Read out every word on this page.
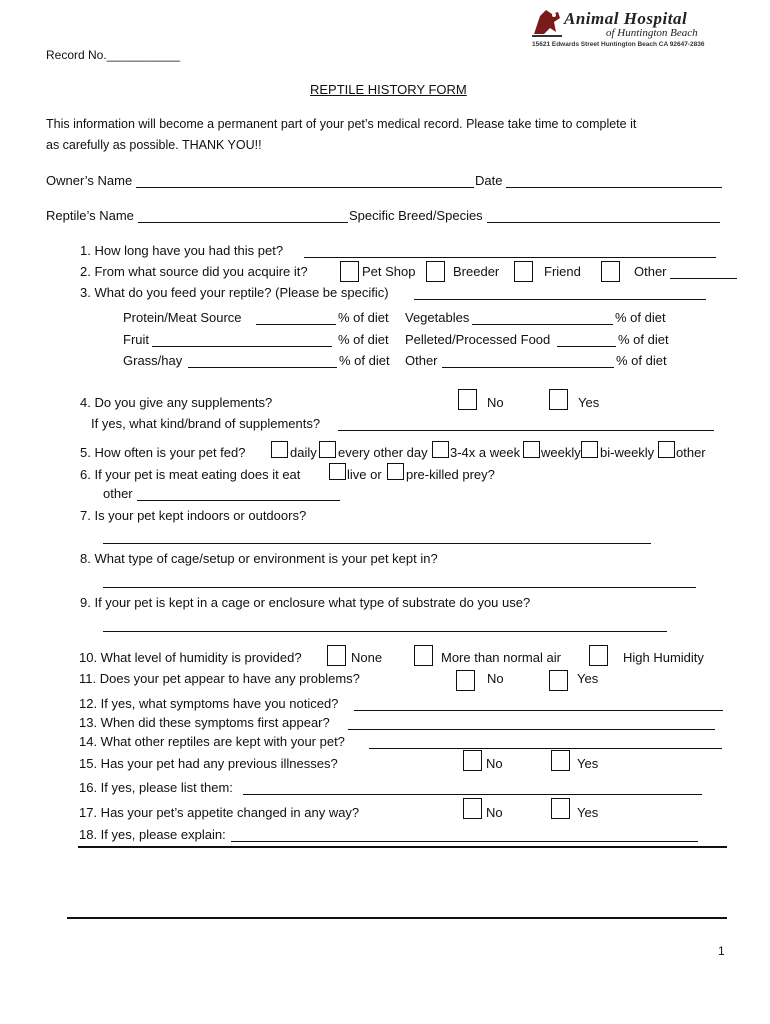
Animal Hospital
of Huntington Beach
15621 Edwards Street Huntington Beach CA 92647-2836
Record No.___________
REPTILE HISTORY FORM
This information will become a permanent part of your pet’s medical record. Please take time to complete it
as carefully as possible. THANK YOU!!
Owner’s Name	Date
Reptile’s Name	Specific Breed/Species
1. How long have you had this pet?
2. From what source did you acquire it?	Pet Shop	Breeder	Friend	Other
3. What do you feed your reptile? (Please be specific)
Protein/Meat Source	% of diet Vegetables	% of diet
Fruit	% of diet Pelleted/Processed Food	% of diet
Grass/hay	% of diet Other	% of diet
4. Do you give any supplements?	No	Yes
If yes, what kind/brand of supplements?
5. How often is your pet fed?	daily every other day 3-4x a week weekly bi-weekly other
6. If your pet is meat eating does it eat	live or pre-killed prey?
other
7. Is your pet kept indoors or outdoors?
8. What type of cage/setup or environment is your pet kept in?
9. If your pet is kept in a cage or enclosure what type of substrate do you use?
10. What level of humidity is provided?	None	More than normal air	High Humidity
11. Does your pet appear to have any problems?	No	Yes
12. If yes, what symptoms have you noticed?
13. When did these symptoms first appear?
14. What other reptiles are kept with your pet?
15. Has your pet had any previous illnesses?	No	Yes
16. If yes, please list them:
17. Has your pet’s appetite changed in any way?	No	Yes
18. If yes, please explain:
1
